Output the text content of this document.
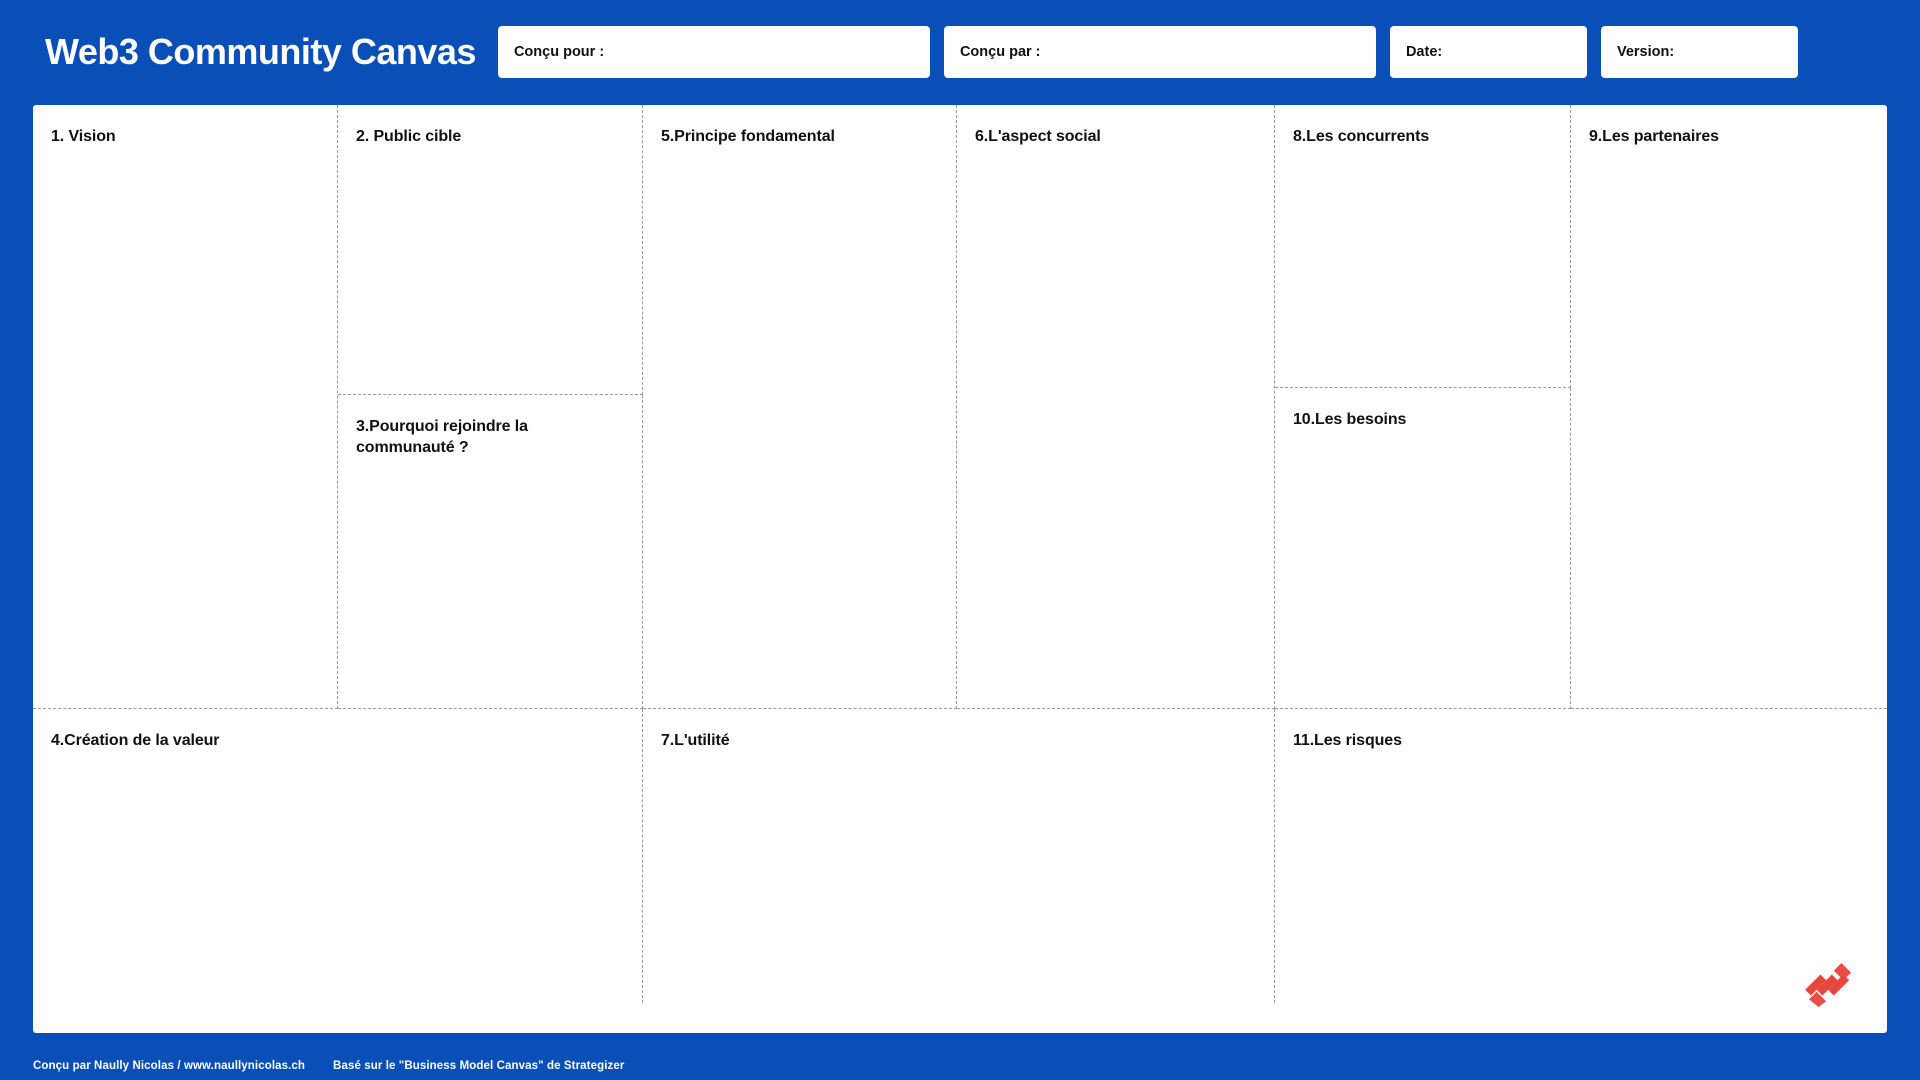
Web3 Community Canvas	Conçu pour :	Conçu par :	Date:	Version:
1. Vision	2. Public cible
3.Pourquoi rejoindre la communauté ?
5.Principe fondamental	6.L'aspect social	8.Les concurrents
10.Les besoins
9.Les partenaires
4.Création de la valeur	7.L'utilité	11.Les risques
Conçu par Naully Nicolas / www.naullynicolas.ch Basé sur le "Business Model Canvas" de Strategizer
